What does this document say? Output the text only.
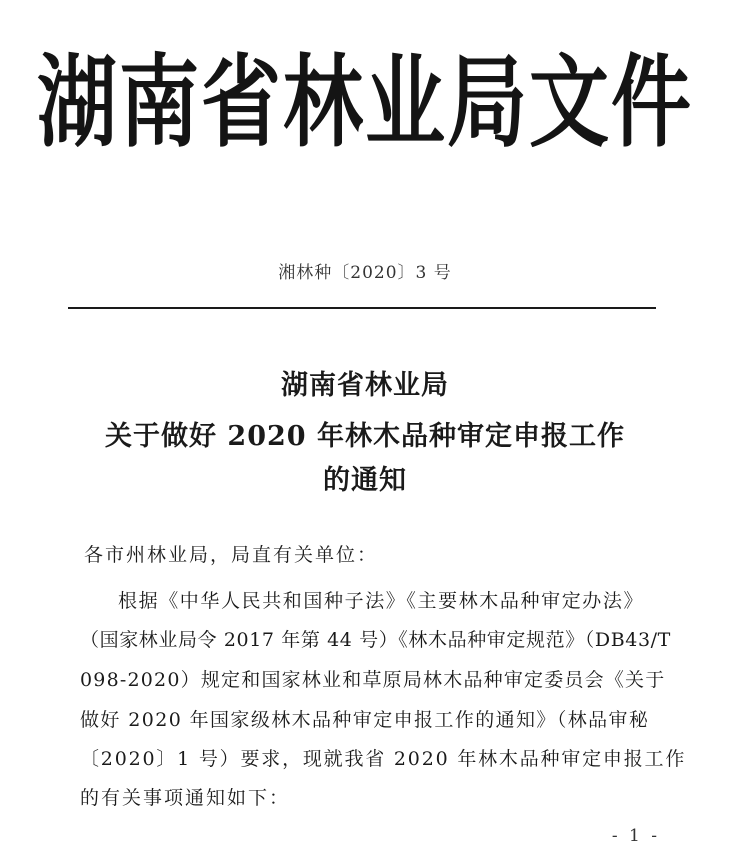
湖南省林业局文件
湘林种〔2020〕3 号
湖南省林业局
关于做好 2020 年林木品种审定申报工作
的通知
各市州林业局，局直有关单位：
根据《中华人民共和国种子法》《主要林木品种审定办法》
（国家林业局令 2017 年第 44 号）《林木品种审定规范》（DB43/T
098-2020）规定和国家林业和草原局林木品种审定委员会《关于
做好 2020 年国家级林木品种审定申报工作的通知》（林品审秘
〔2020〕1 号）要求，现就我省 2020 年林木品种审定申报工作
的有关事项通知如下：
- 1 -
